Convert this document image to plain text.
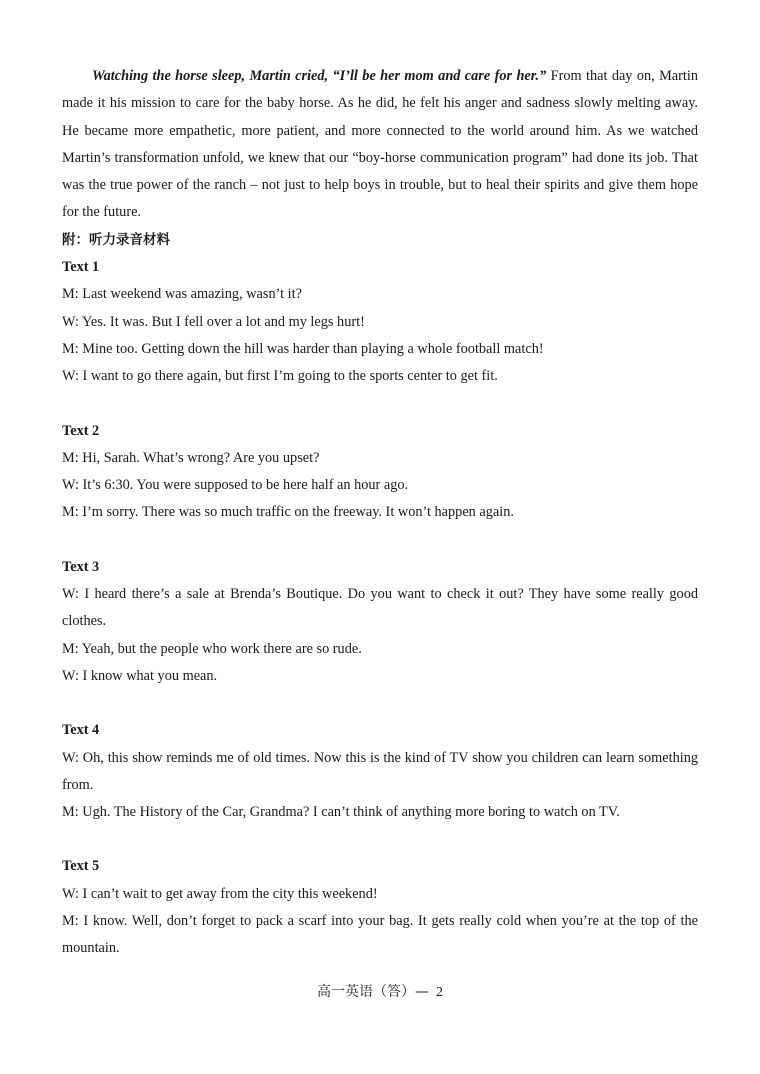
Watching the horse sleep, Martin cried, “I’ll be her mom and care for her.” From that day on, Martin made it his mission to care for the baby horse. As he did, he felt his anger and sadness slowly melting away. He became more empathetic, more patient, and more connected to the world around him. As we watched Martin’s transformation unfold, we knew that our “boy-horse communication program” had done its job. That was the true power of the ranch – not just to help boys in trouble, but to heal their spirits and give them hope for the future.

附：听力录音材料

Text 1

M: Last weekend was amazing, wasn’t it?

W: Yes. It was. But I fell over a lot and my legs hurt!

M: Mine too. Getting down the hill was harder than playing a whole football match!

W: I want to go there again, but first I’m going to the sports center to get fit.

Text 2

M: Hi, Sarah. What’s wrong? Are you upset?

W: It’s 6:30. You were supposed to be here half an hour ago.

M: I’m sorry. There was so much traffic on the freeway. It won’t happen again.

Text 3

W: I heard there’s a sale at Brenda’s Boutique. Do you want to check it out? They have some really good clothes.

M: Yeah, but the people who work there are so rude.

W: I know what you mean.

Text 4

W: Oh, this show reminds me of old times. Now this is the kind of TV show you children can learn something from.

M: Ugh. The History of the Car, Grandma? I can’t think of anything more boring to watch on TV.

Text 5

W: I can’t wait to get away from the city this weekend!

M: I know. Well, don’t forget to pack a scarf into your bag. It gets really cold when you’re at the top of the mountain.

高一英语（答）— 2
